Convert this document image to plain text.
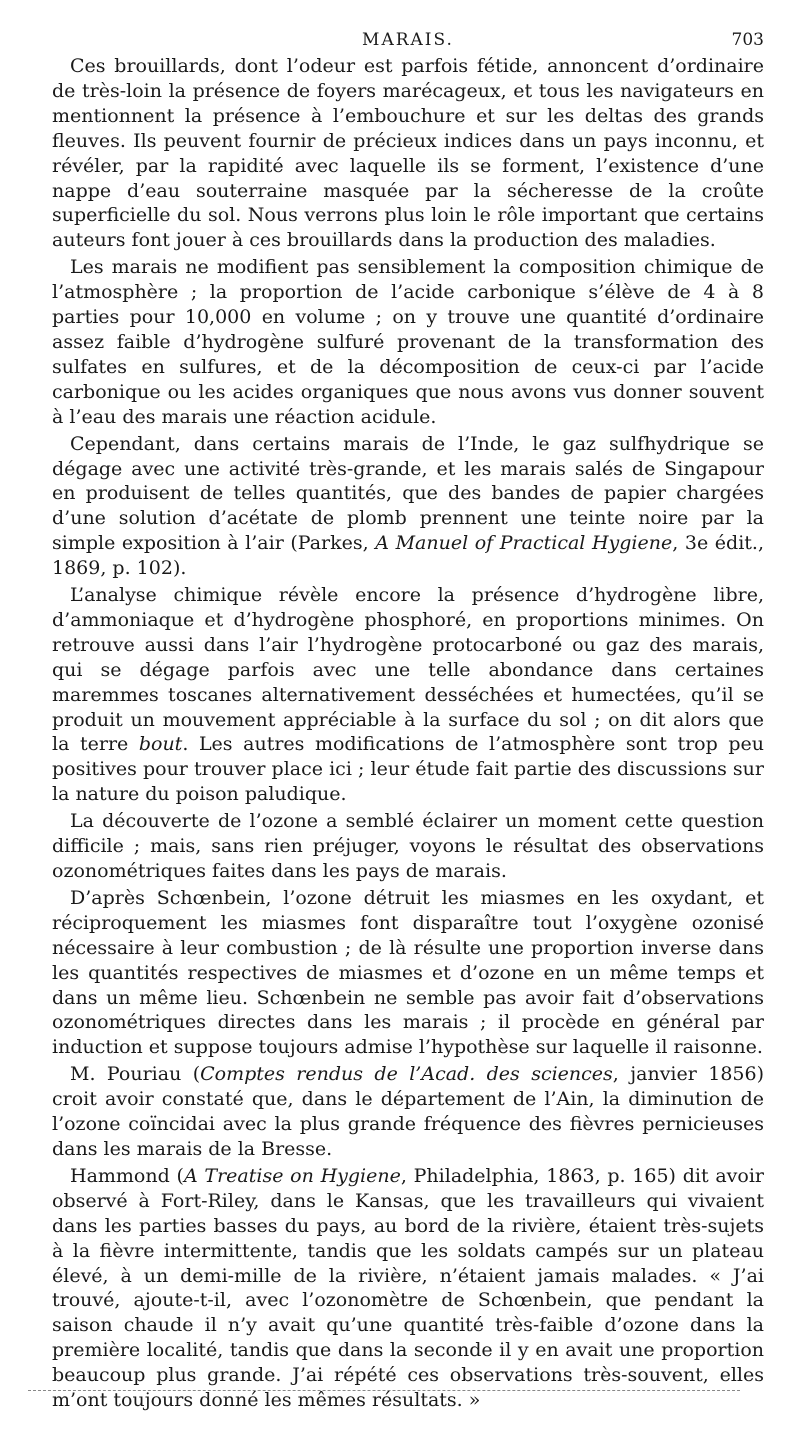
MARAIS.	703

Ces brouillards, dont l’odeur est parfois fétide, annoncent d’ordinaire de très-loin la présence de foyers marécageux, et tous les navigateurs en mentionnent la présence à l’embouchure et sur les deltas des grands fleuves. Ils peuvent fournir de précieux indices dans un pays inconnu, et révéler, par la rapidité avec laquelle ils se forment, l’existence d’une nappe d’eau souterraine masquée par la sécheresse de la croûte superficielle du sol. Nous verrons plus loin le rôle important que certains auteurs font jouer à ces brouillards dans la production des maladies.

Les marais ne modifient pas sensiblement la composition chimique de l’atmosphère ; la proportion de l’acide carbonique s’élève de 4 à 8 parties pour 10,000 en volume ; on y trouve une quantité d’ordinaire assez faible d’hydrogène sulfuré provenant de la transformation des sulfates en sulfures, et de la décomposition de ceux-ci par l’acide carbonique ou les acides organiques que nous avons vus donner souvent à l’eau des marais une réaction acidule.

Cependant, dans certains marais de l’Inde, le gaz sulfhydrique se dégage avec une activité très-grande, et les marais salés de Singapour en produisent de telles quantités, que des bandes de papier chargées d’une solution d’acétate de plomb prennent une teinte noire par la simple exposition à l’air (Parkes, A Manuel of Practical Hygiene, 3e édit., 1869, p. 102).

L’analyse chimique révèle encore la présence d’hydrogène libre, d’ammoniaque et d’hydrogène phosphoré, en proportions minimes. On retrouve aussi dans l’air l’hydrogène protocarboné ou gaz des marais, qui se dégage parfois avec une telle abondance dans certaines maremmes toscanes alternativement desséchées et humectées, qu’il se produit un mouvement appréciable à la surface du sol ; on dit alors que la terre bout. Les autres modifications de l’atmosphère sont trop peu positives pour trouver place ici ; leur étude fait partie des discussions sur la nature du poison paludique.

La découverte de l’ozone a semblé éclairer un moment cette question difficile ; mais, sans rien préjuger, voyons le résultat des observations ozonométriques faites dans les pays de marais.

D’après Schœnbein, l’ozone détruit les miasmes en les oxydant, et réciproquement les miasmes font disparaître tout l’oxygène ozonisé nécessaire à leur combustion ; de là résulte une proportion inverse dans les quantités respectives de miasmes et d’ozone en un même temps et dans un même lieu. Schœnbein ne semble pas avoir fait d’observations ozonométriques directes dans les marais ; il procède en général par induction et suppose toujours admise l’hypothèse sur laquelle il raisonne.

M. Pouriau (Comptes rendus de l’Acad. des sciences, janvier 1856) croit avoir constaté que, dans le département de l’Ain, la diminution de l’ozone coïncidai avec la plus grande fréquence des fièvres pernicieuses dans les marais de la Bresse.

Hammond (A Treatise on Hygiene, Philadelphia, 1863, p. 165) dit avoir observé à Fort-Riley, dans le Kansas, que les travailleurs qui vivaient dans les parties basses du pays, au bord de la rivière, étaient très-sujets à la fièvre intermittente, tandis que les soldats campés sur un plateau élevé, à un demi-mille de la rivière, n’étaient jamais malades. « J’ai trouvé, ajoute-t-il, avec l’ozonomètre de Schœnbein, que pendant la saison chaude il n’y avait qu’une quantité très-faible d’ozone dans la première localité, tandis que dans la seconde il y en avait une proportion beaucoup plus grande. J’ai répété ces observations très-souvent, elles m’ont toujours donné les mêmes résultats. »
